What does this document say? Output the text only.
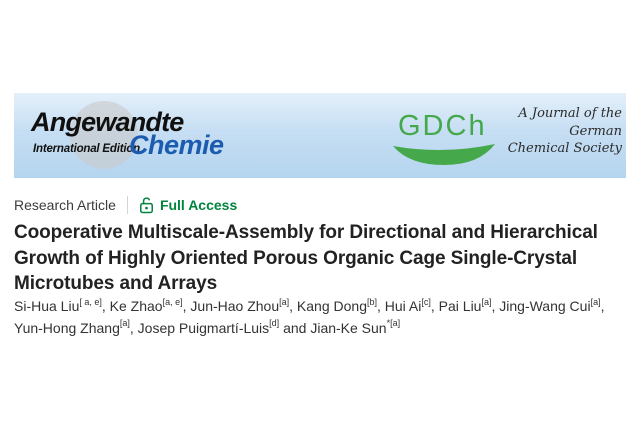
Angewandte
International Edition
Chemie
GDCh	A Journal of the
German
Chemical Society
Research Article	Full Access
Cooperative Multiscale-Assembly for Directional and Hierarchical Growth of Highly Oriented Porous Organic Cage Single-Crystal Microtubes and Arrays

Si-Hua Liu[ a, e], Ke Zhao[a, e], Jun-Hao Zhou[a], Kang Dong[b], Hui Ai[c], Pai Liu[a], Jing-Wang Cui[a], Yun-Hong Zhang[a], Josep Puigmartí-Luis[d] and Jian-Ke Sun$^{*[a]}$
